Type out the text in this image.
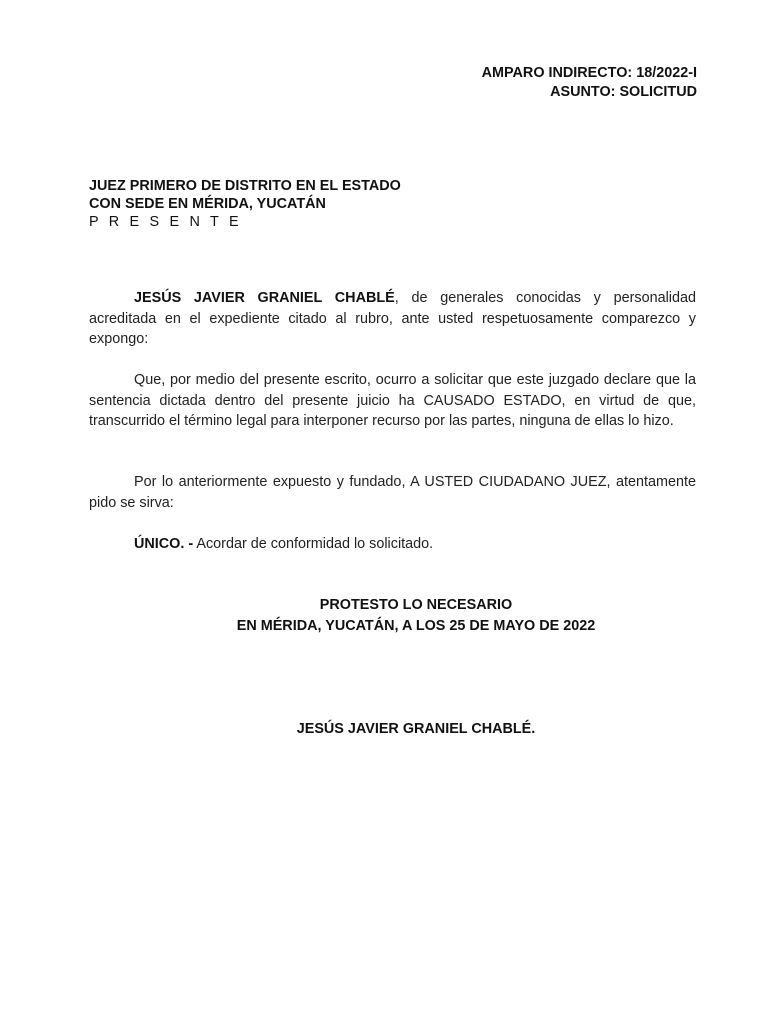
AMPARO INDIRECTO: 18/2022-I
ASUNTO: SOLICITUD
JUEZ PRIMERO DE DISTRITO EN EL ESTADO
CON SEDE EN MÉRIDA, YUCATÁN
P R E S E N T E
JESÚS JAVIER GRANIEL CHABLÉ, de generales conocidas y personalidad acreditada en el expediente citado al rubro, ante usted respetuosamente comparezco y expongo:
Que, por medio del presente escrito, ocurro a solicitar que este juzgado declare que la sentencia dictada dentro del presente juicio ha CAUSADO ESTADO, en virtud de que, transcurrido el término legal para interponer recurso por las partes, ninguna de ellas lo hizo.
Por lo anteriormente expuesto y fundado, A USTED CIUDADANO JUEZ, atentamente pido se sirva:
ÚNICO. - Acordar de conformidad lo solicitado.
PROTESTO LO NECESARIO
EN MÉRIDA, YUCATÁN, A LOS 25 DE MAYO DE 2022
JESÚS JAVIER GRANIEL CHABLÉ.
